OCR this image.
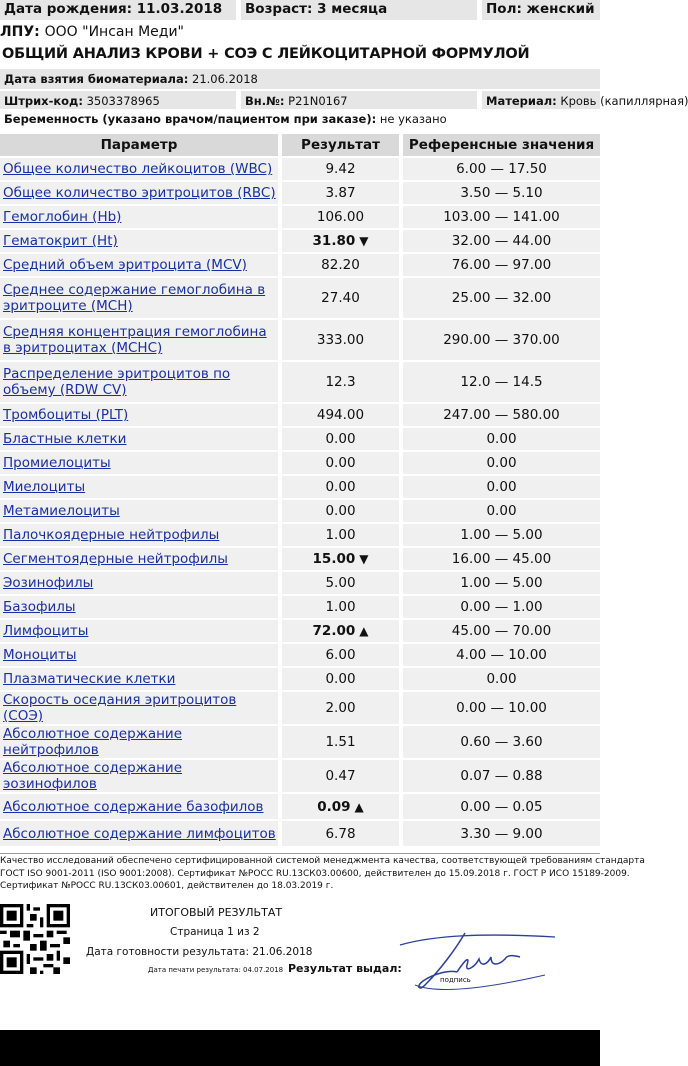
Дата рождения: 11.03.2018	Возраст: 3 месяца	Пол: женский
ЛПУ: ООО "Инсан Меди"
ОБЩИЙ АНАЛИЗ КРОВИ + СОЭ С ЛЕЙКОЦИТАРНОЙ ФОРМУЛОЙ
Дата взятия биоматериала: 21.06.2018
Штрих-код: 3503378965	Вн.№: P21N0167	Материал: Кровь (капиллярная)
Беременность (указано врачом/пациентом при заказе): не указано
Параметр		Результат		Референсные значения
Общее количество лейкоцитов (WBC)		9.42		6.00 — 17.50
Общее количество эритроцитов (RBC)		3.87		3.50 — 5.10
Гемоглобин (Hb)		106.00		103.00 — 141.00
Гематокрит (Ht)		31.80 ▼		32.00 — 44.00
Средний объем эритроцита (MCV)		82.20		76.00 — 97.00
Среднее содержание гемоглобина в эритроците (MCH)		27.40		25.00 — 32.00
Средняя концентрация гемоглобина в эритроцитах (MCHC)		333.00		290.00 — 370.00
Распределение эритроцитов по объему (RDW CV)		12.3		12.0 — 14.5
Тромбоциты (PLT)		494.00		247.00 — 580.00
Бластные клетки		0.00		0.00
Промиелоциты		0.00		0.00
Миелоциты		0.00		0.00
Метамиелоциты		0.00		0.00
Палочкоядерные нейтрофилы		1.00		1.00 — 5.00
Сегментоядерные нейтрофилы		15.00 ▼		16.00 — 45.00
Эозинофилы		5.00		1.00 — 5.00
Базофилы		1.00		0.00 — 1.00
Лимфоциты		72.00 ▲		45.00 — 70.00
Моноциты		6.00		4.00 — 10.00
Плазматические клетки		0.00		0.00
Скорость оседания эритроцитов (СОЭ)		2.00		0.00 — 10.00
Абсолютное содержание нейтрофилов		1.51		0.60 — 3.60
Абсолютное содержание эозинофилов		0.47		0.07 — 0.88
Абсолютное содержание базофилов		0.09 ▲		0.00 — 0.05
Абсолютное содержание лимфоцитов		6.78		3.30 — 9.00
Качество исследований обеспечено сертифицированной системой менеджмента качества, соответствующей требованиям стандарта
ГОСТ ISO 9001-2011 (ISO 9001:2008). Сертификат №РОСС RU.13СК03.00600, действителен до 15.09.2018 г. ГОСТ Р ИСО 15189-2009.
Сертификат №РОСС RU.13СК03.00601, действителен до 18.03.2019 г.
ИТОГОВЫЙ РЕЗУЛЬТАТ
Страница 1 из 2
Дата готовности результата: 21.06.2018
Дата печати результата: 04.07.2018 Результат выдал:
подпись
